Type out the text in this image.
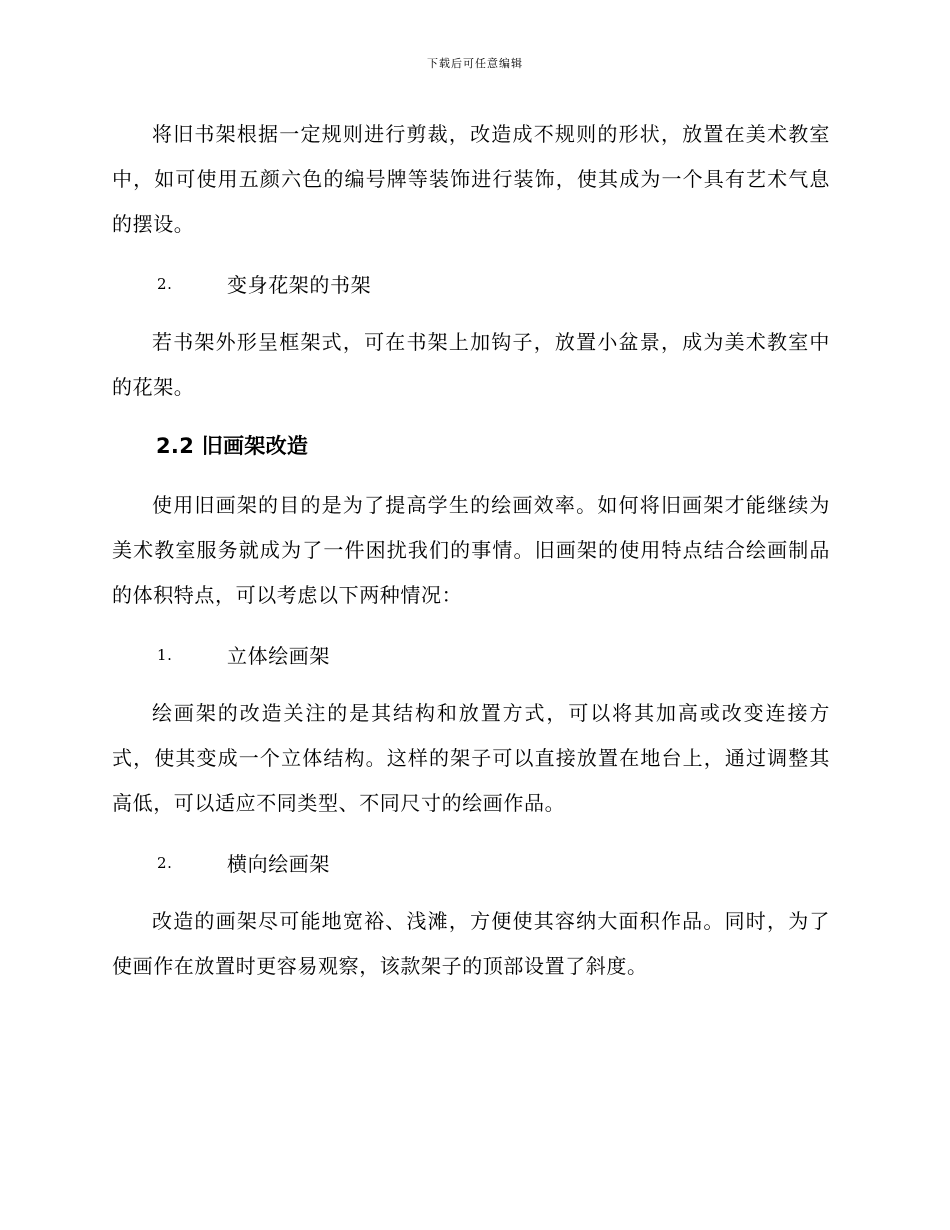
下载后可任意编辑

将旧书架根据一定规则进行剪裁，改造成不规则的形状，放置在美术教室中，如可使用五颜六色的编号牌等装饰进行装饰，使其成为一个具有艺术气息的摆设。

2.	变身花架的书架

若书架外形呈框架式，可在书架上加钩子，放置小盆景，成为美术教室中的花架。

2.2 旧画架改造

使用旧画架的目的是为了提高学生的绘画效率。如何将旧画架才能继续为美术教室服务就成为了一件困扰我们的事情。旧画架的使用特点结合绘画制品的体积特点，可以考虑以下两种情况：

1.	立体绘画架

绘画架的改造关注的是其结构和放置方式，可以将其加高或改变连接方式，使其变成一个立体结构。这样的架子可以直接放置在地台上，通过调整其高低，可以适应不同类型、不同尺寸的绘画作品。

2.	横向绘画架

改造的画架尽可能地宽裕、浅滩，方便使其容纳大面积作品。同时，为了使画作在放置时更容易观察，该款架子的顶部设置了斜度。
